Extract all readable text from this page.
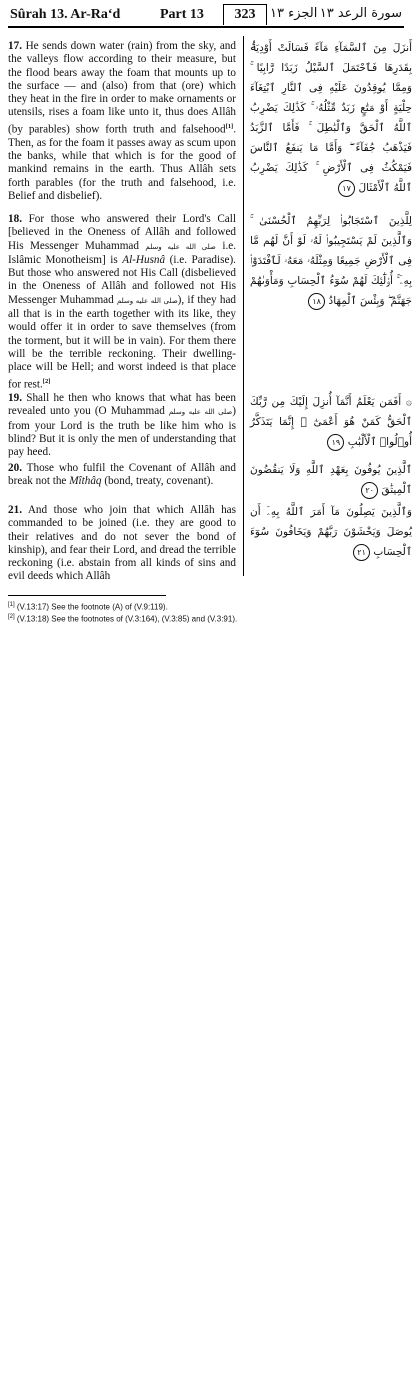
Sûrah 13. Ar-Ra‘d	Part 13	323	الجزء ١٣ سورة الرعد ١٣
17. He sends down water (rain) from the sky, and the valleys flow according to their measure, but the flood bears away the foam that mounts up to the surface — and (also) from that (ore) which they heat in the fire in order to make ornaments or utensils, rises a foam like unto it, thus does Allâh (by parables) show forth truth and falsehood[1]. Then, as for the foam it passes away as scum upon the banks, while that which is for the good of mankind remains in the earth. Thus Allâh sets forth parables (for the truth and falsehood, i.e. Belief and disbelief).
أَنزَلَ مِنَ ٱلسَّمَآءِ مَآءً فَسَالَتْ أَوْدِيَةُۢ بِقَدَرِهَا فَٱحْتَمَلَ ٱلسَّيْلُ زَبَدًا رَّابِيًا ۚ وَمِمَّا يُوقِدُونَ عَلَيْهِ فِى ٱلنَّارِ ٱبْتِغَآءَ حِلْيَةٍ أَوْ مَتَٰعٍ زَبَدٌ مِّثْلُهُۥ ۚ كَذَٰلِكَ يَضْرِبُ ٱللَّهُ ٱلْحَقَّ وَٱلْبَٰطِلَ ۚ فَأَمَّا ٱلزَّبَدُ فَيَذْهَبُ جُفَآءً ۖ وَأَمَّا مَا يَنفَعُ ٱلنَّاسَ فَيَمْكُثُ فِى ٱلْأَرْضِ ۚ كَذَٰلِكَ يَضْرِبُ ٱللَّهُ ٱلْأَمْثَالَ ١٧
18. For those who answered their Lord's Call [believed in the Oneness of Allâh and followed His Messenger Muhammad صلى الله عليه وسلم i.e. Islâmic Monotheism] is Al-Husnâ (i.e. Paradise). But those who answered not His Call (disbelieved in the Oneness of Allâh and followed not His Messenger Muhammad صلى الله عليه وسلم), if they had all that is in the earth together with its like, they would offer it in order to save themselves (from the torment, but it will be in vain). For them there will be the terrible reckoning. Their dwelling-place will be Hell; and worst indeed is that place for rest.[2]
لِلَّذِينَ ٱسْتَجَابُوا۟ لِرَبِّهِمُ ٱلْحُسْنَىٰ ۚ وَٱلَّذِينَ لَمْ يَسْتَجِيبُوا۟ لَهُۥ لَوْ أَنَّ لَهُم مَّا فِى ٱلْأَرْضِ جَمِيعًا وَمِثْلَهُۥ مَعَهُۥ لَٱفْتَدَوْا۟ بِهِۦٓ ۚ أُو۟لَٰٓئِكَ لَهُمْ سُوٓءُ ٱلْحِسَابِ وَمَأْوَىٰهُمْ جَهَنَّمُ ۖ وَبِئْسَ ٱلْمِهَادُ ١٨
19. Shall he then who knows that what has been revealed unto you (O Muhammad صلى الله عليه وسلم) from your Lord is the truth be like him who is blind? But it is only the men of understanding that pay heed.
۞ أَفَمَن يَعْلَمُ أَنَّمَآ أُنزِلَ إِلَيْكَ مِن رَّبِّكَ ٱلْحَقُّ كَمَنْ هُوَ أَعْمَىٰٓ ۚ إِنَّمَا يَتَذَكَّرُ أُو۟لُوا۟ ٱلْأَلْبَٰبِ ١٩
20. Those who fulfil the Covenant of Allâh and break not the Mîthâq (bond, treaty, covenant).
ٱلَّذِينَ يُوفُونَ بِعَهْدِ ٱللَّهِ وَلَا يَنقُضُونَ ٱلْمِيثَٰقَ ٢٠
21. And those who join that which Allâh has commanded to be joined (i.e. they are good to their relatives and do not sever the bond of kinship), and fear their Lord, and dread the terrible reckoning (i.e. abstain from all kinds of sins and evil deeds which Allâh
وَٱلَّذِينَ يَصِلُونَ مَآ أَمَرَ ٱللَّهُ بِهِۦٓ أَن يُوصَلَ وَيَخْشَوْنَ رَبَّهُمْ وَيَخَافُونَ سُوٓءَ ٱلْحِسَابِ ٢١
[1] (V.13:17) See the footnote (A) of (V.9:119).
[2] (V.13:18) See the footnotes of (V.3:164), (V.3:85) and (V.3:91).
